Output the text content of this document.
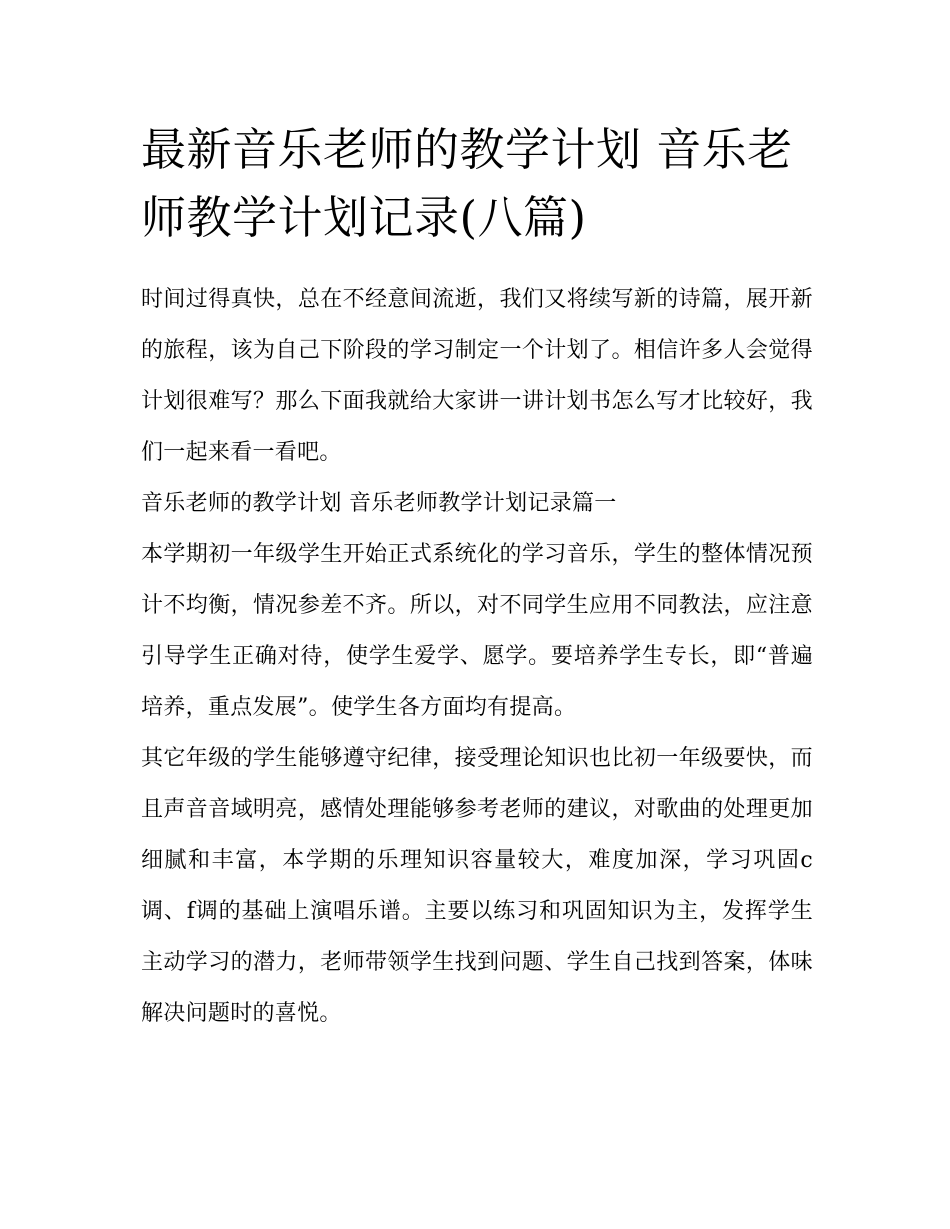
最新音乐老师的教学计划 音乐老师教学计划记录(八篇)

时间过得真快，总在不经意间流逝，我们又将续写新的诗篇，展开新的旅程，该为自己下阶段的学习制定一个计划了。相信许多人会觉得计划很难写？那么下面我就给大家讲一讲计划书怎么写才比较好，我们一起来看一看吧。

音乐老师的教学计划 音乐老师教学计划记录篇一

本学期初一年级学生开始正式系统化的学习音乐，学生的整体情况预计不均衡，情况参差不齐。所以，对不同学生应用不同教法，应注意引导学生正确对待，使学生爱学、愿学。要培养学生专长，即“普遍培养，重点发展”。使学生各方面均有提高。

其它年级的学生能够遵守纪律，接受理论知识也比初一年级要快，而且声音音域明亮，感情处理能够参考老师的建议，对歌曲的处理更加细腻和丰富，本学期的乐理知识容量较大，难度加深，学习巩固c调、f调的基础上演唱乐谱。主要以练习和巩固知识为主，发挥学生主动学习的潜力，老师带领学生找到问题、学生自己找到答案，体味解决问题时的喜悦。
